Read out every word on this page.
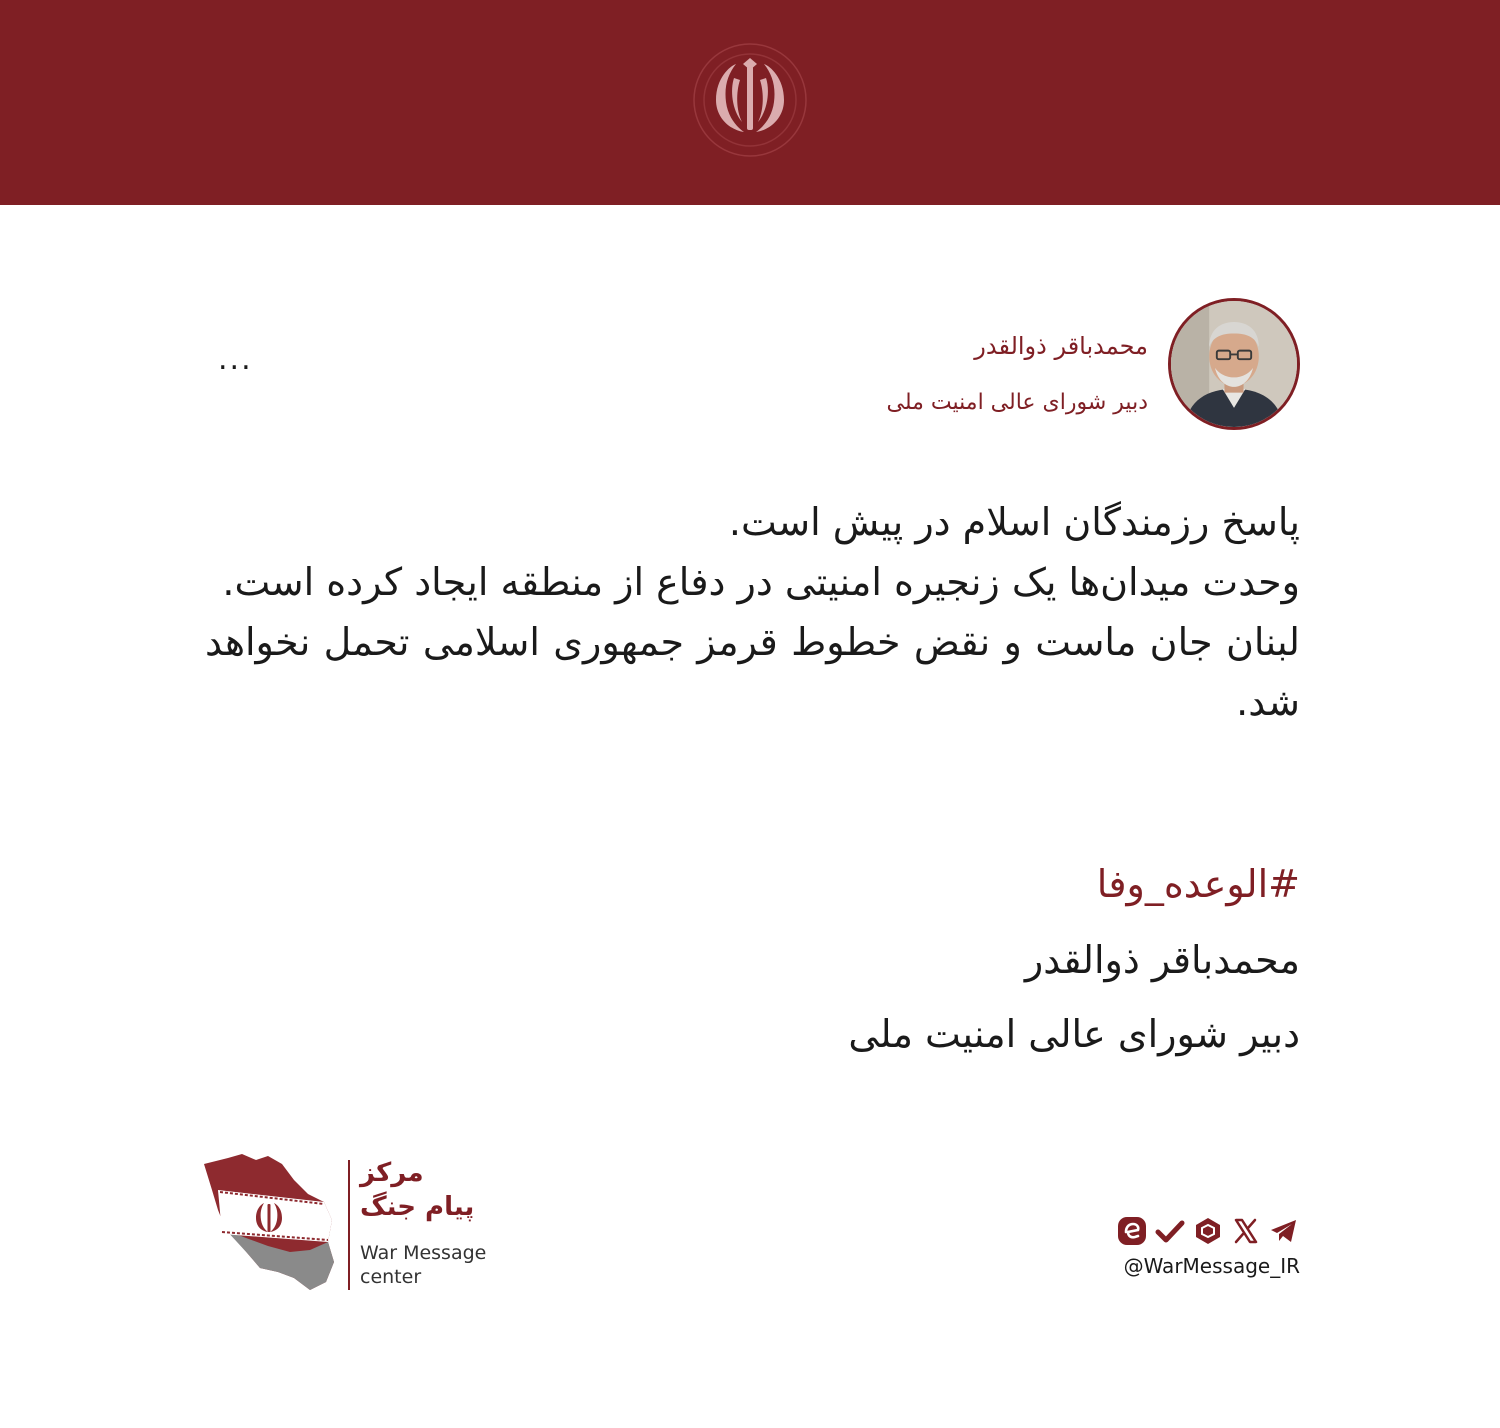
...	محمدباقر ذوالقدر
دبیر شورای عالی امنیت ملی

پاسخ رزمندگان اسلام در پیش است.

وحدت میدان‌ها یک زنجیره امنیتی در دفاع از منطقه ایجاد کرده است.

لبنان جان ماست و نقض خطوط قرمز جمهوری اسلامی تحمل نخواهد شد.

#الوعده_وفا
محمدباقر ذوالقدر
دبیر شورای عالی امنیت ملی
مرکز
پیام جنگ
War Message
center	@WarMessage_IR
